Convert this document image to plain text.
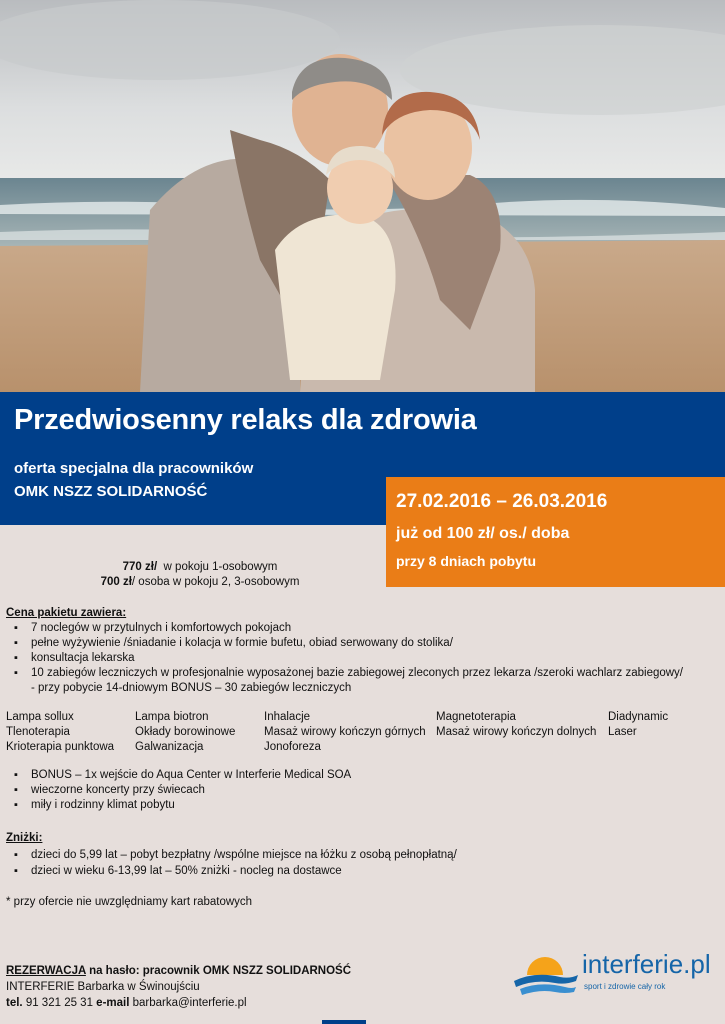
Przedwiosenny relaks dla zdrowia
oferta specjalna dla pracowników
OMK NSZZ SOLIDARNOŚĆ	27.02.2016 – 26.03.2016
już od 100 zł/ os./ doba
przy 8 dniach pobytu
770 zł/  w pokoju 1-osobowym
700 zł/ osoba w pokoju 2, 3-osobowym
Cena pakietu zawiera:
▪ 7 noclegów w przytulnych i komfortowych pokojach
▪ pełne wyżywienie /śniadanie i kolacja w formie bufetu, obiad serwowany do stolika/
▪ konsultacja lekarska
▪ 10 zabiegów leczniczych w profesjonalnie wyposażonej bazie zabiegowej zleconych przez lekarza /szeroki wachlarz zabiegowy/ - przy pobycie 14-dniowym BONUS – 30 zabiegów leczniczych
Lampa sollux
Tlenoterapia
Krioterapia punktowa
Lampa biotron
Okłady borowinowe
Galwanizacja
Inhalacje
Masaż wirowy kończyn górnych
Jonoforeza
Magnetoterapia
Masaż wirowy kończyn dolnych
Diadynamic
Laser
▪ BONUS – 1x wejście do Aqua Center w Interferie Medical SOA
▪ wieczorne koncerty przy świecach
▪ miły i rodzinny klimat pobytu
Zniżki:
▪ dzieci do 5,99 lat – pobyt bezpłatny /wspólne miejsce na łóżku z osobą pełnopłatną/
▪ dzieci w wieku 6-13,99 lat – 50% zniżki - nocleg na dostawce
* przy ofercie nie uwzględniamy kart rabatowych
REZERWACJA na hasło: pracownik OMK NSZZ SOLIDARNOŚĆ
INTERFERIE Barbarka w Świnoujściu
tel. 91 321 25 31 e-mail barbarka@interferie.pl
interferie.pl
sport i zdrowie cały rok
